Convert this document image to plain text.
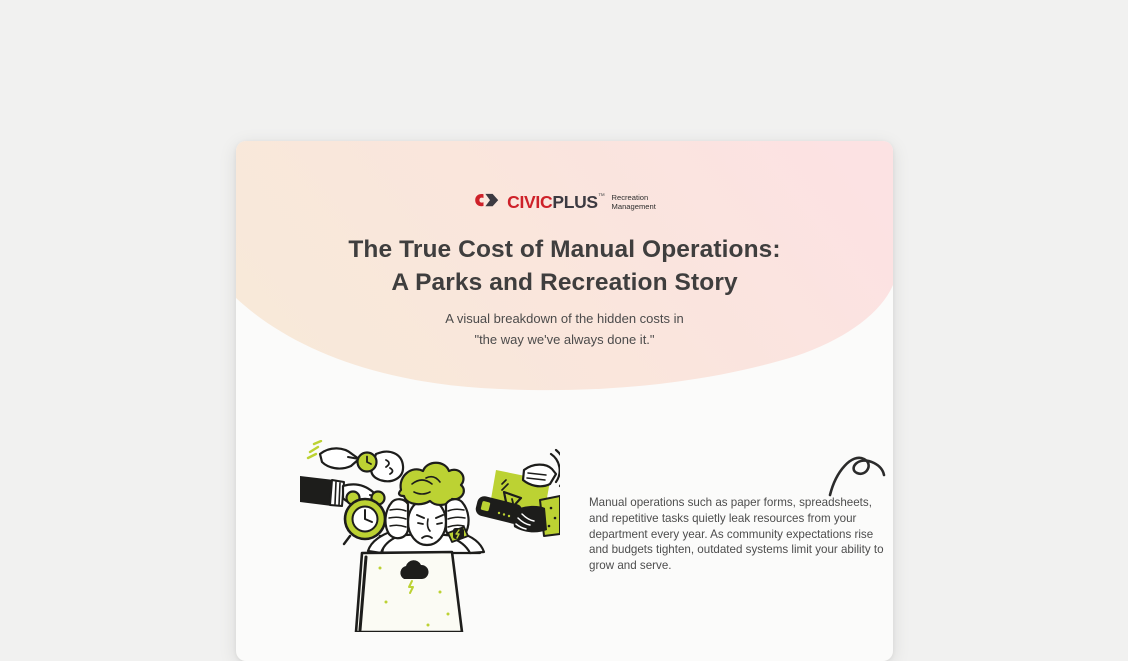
CIVICPLUS™ Recreation
Management
The True Cost of Manual Operations:
A Parks and Recreation Story
A visual breakdown of the hidden costs in
"the way we've always done it."
Manual operations such as paper forms, spreadsheets, and repetitive tasks quietly leak resources from your department every year. As community expectations rise and budgets tighten, outdated systems limit your ability to grow and serve.
